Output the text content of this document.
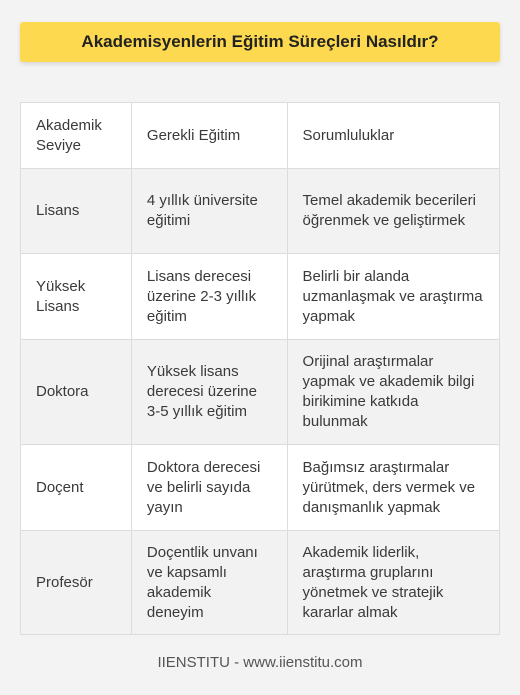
Akademisyenlerin Eğitim Süreçleri Nasıldır?
Akademik Seviye	Gerekli Eğitim	Sorumluluklar
Lisans	4 yıllık üniversite eğitimi	Temel akademik becerileri öğrenmek ve geliştirmek
Yüksek Lisans	Lisans derecesi üzerine 2-3 yıllık eğitim	Belirli bir alanda uzmanlaşmak ve araştırma yapmak
Doktora	Yüksek lisans derecesi üzerine 3-5 yıllık eğitim	Orijinal araştırmalar yapmak ve akademik bilgi birikimine katkıda bulunmak
Doçent	Doktora derecesi ve belirli sayıda yayın	Bağımsız araştırmalar yürütmek, ders vermek ve danışmanlık yapmak
Profesör	Doçentlik unvanı ve kapsamlı akademik deneyim	Akademik liderlik, araştırma gruplarını yönetmek ve stratejik kararlar almak
IIENSTITU - www.iienstitu.com
